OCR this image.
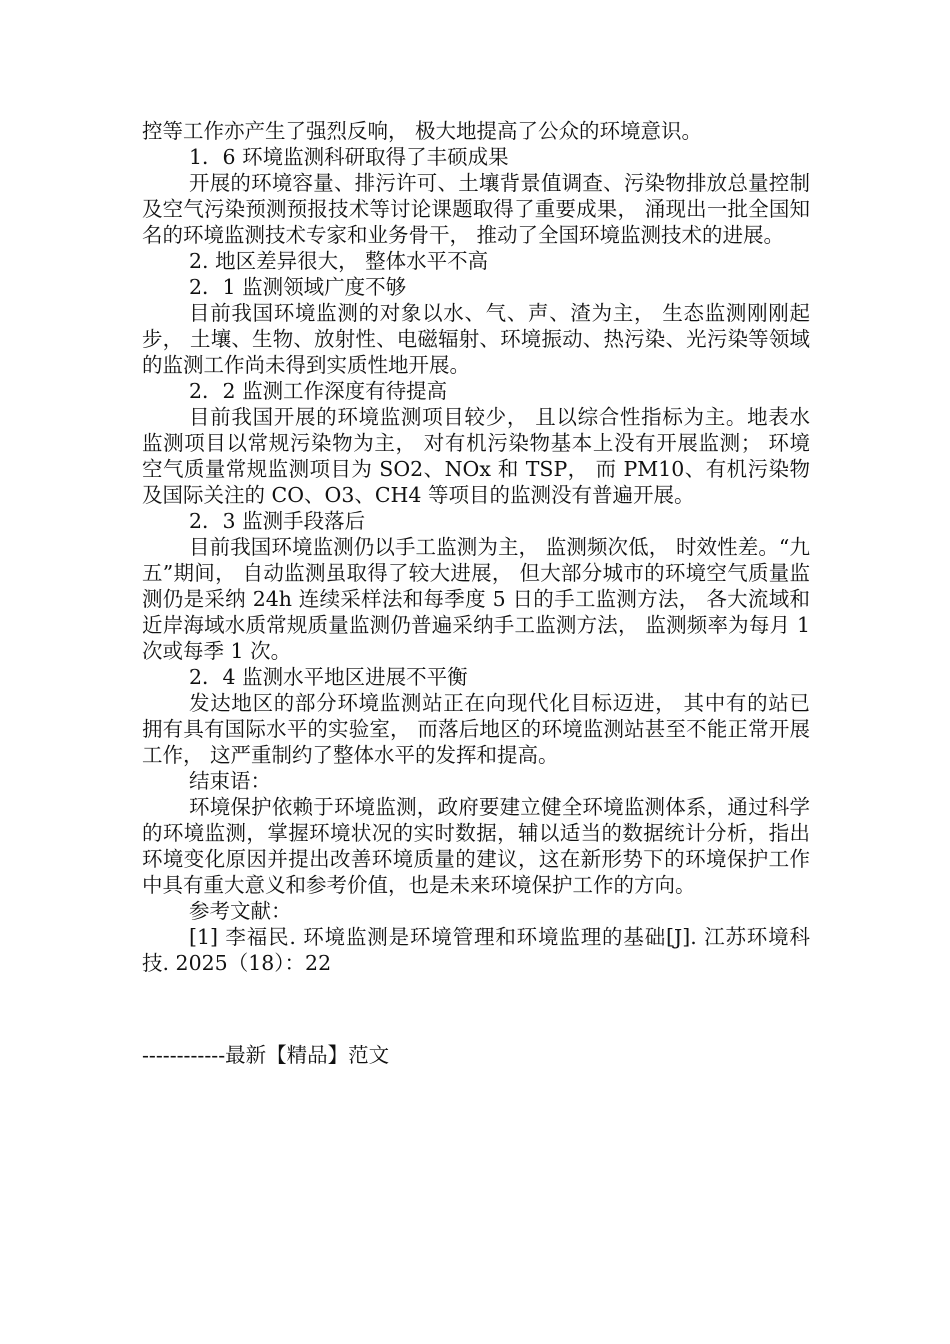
控等工作亦产生了强烈反响， 极大地提高了公众的环境意识。

1．6 环境监测科研取得了丰硕成果

开展的环境容量、排污许可、土壤背景值调查、污染物排放总量控制及空气污染预测预报技术等讨论课题取得了重要成果， 涌现出一批全国知名的环境监测技术专家和业务骨干， 推动了全国环境监测技术的进展。

2. 地区差异很大， 整体水平不高

2．1 监测领域广度不够

目前我国环境监测的对象以水、气、声、渣为主， 生态监测刚刚起步， 土壤、生物、放射性、电磁辐射、环境振动、热污染、光污染等领域的监测工作尚未得到实质性地开展。

2．2 监测工作深度有待提高

目前我国开展的环境监测项目较少， 且以综合性指标为主。地表水监测项目以常规污染物为主， 对有机污染物基本上没有开展监测； 环境空气质量常规监测项目为 SO2、NOx 和 TSP， 而 PM10、有机污染物及国际关注的 CO、O3、CH4 等项目的监测没有普遍开展。

2．3 监测手段落后

目前我国环境监测仍以手工监测为主， 监测频次低， 时效性差。“九五”期间， 自动监测虽取得了较大进展， 但大部分城市的环境空气质量监测仍是采纳 24h 连续采样法和每季度 5 日的手工监测方法， 各大流域和近岸海域水质常规质量监测仍普遍采纳手工监测方法， 监测频率为每月 1 次或每季 1 次。

2．4 监测水平地区进展不平衡

发达地区的部分环境监测站正在向现代化目标迈进， 其中有的站已拥有具有国际水平的实验室， 而落后地区的环境监测站甚至不能正常开展工作， 这严重制约了整体水平的发挥和提高。

结束语：

环境保护依赖于环境监测，政府要建立健全环境监测体系，通过科学的环境监测，掌握环境状况的实时数据，辅以适当的数据统计分析，指出环境变化原因并提出改善环境质量的建议，这在新形势下的环境保护工作中具有重大意义和参考价值，也是未来环境保护工作的方向。

参考文献：

[1] 李福民. 环境监测是环境管理和环境监理的基础[J]. 江苏环境科技. 2025（18）：22

------------最新【精品】范文
